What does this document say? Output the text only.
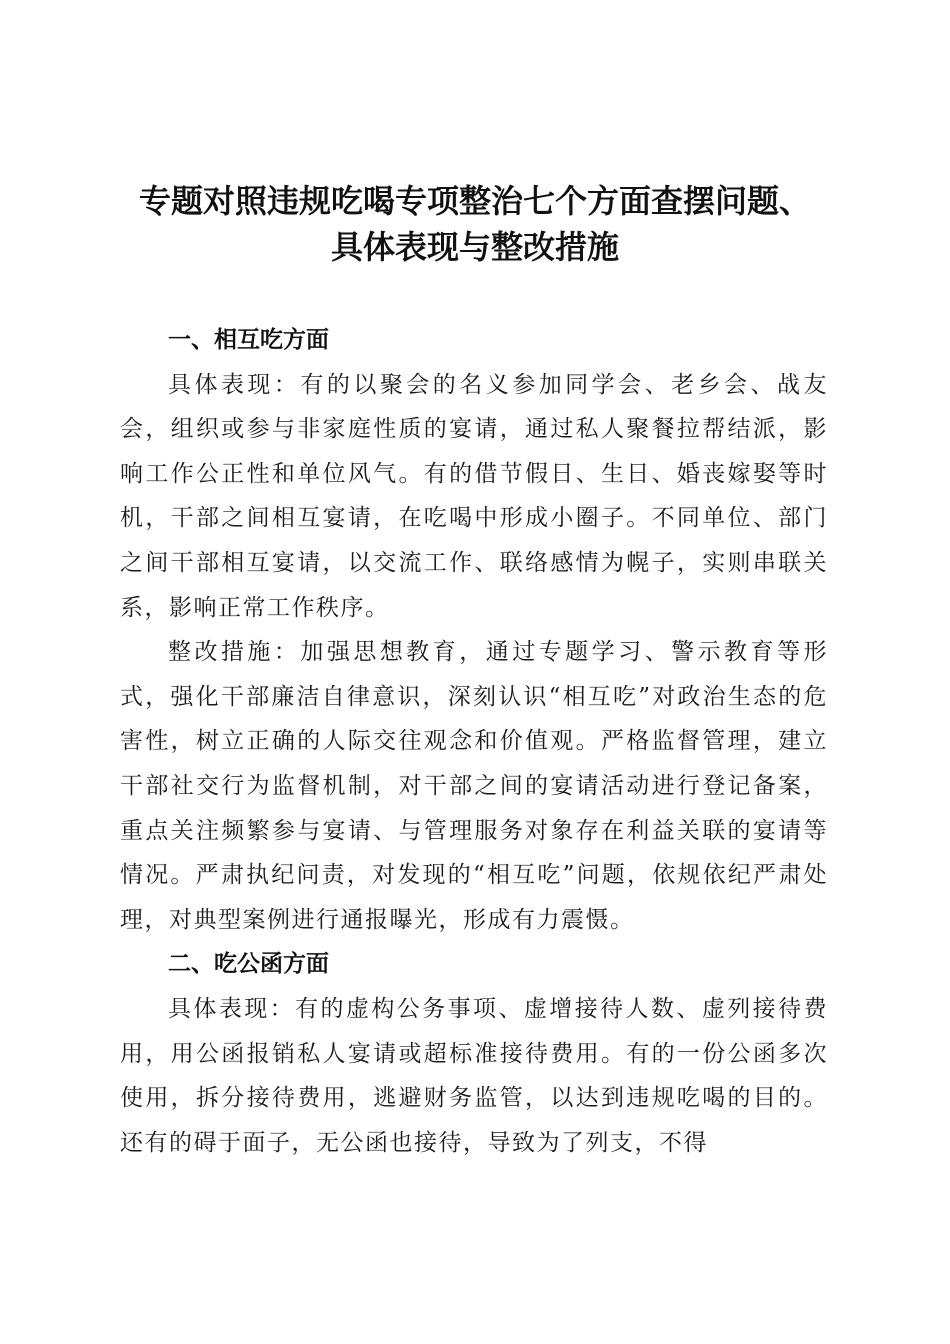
专题对照违规吃喝专项整治七个方面查摆问题、
具体表现与整改措施

一、相互吃方面

具体表现：有的以聚会的名义参加同学会、老乡会、战友会，组织或参与非家庭性质的宴请，通过私人聚餐拉帮结派，影响工作公正性和单位风气。有的借节假日、生日、婚丧嫁娶等时机，干部之间相互宴请，在吃喝中形成小圈子。不同单位、部门之间干部相互宴请，以交流工作、联络感情为幌子，实则串联关系，影响正常工作秩序。

整改措施：加强思想教育，通过专题学习、警示教育等形式，强化干部廉洁自律意识，深刻认识“相互吃”对政治生态的危害性，树立正确的人际交往观念和价值观。严格监督管理，建立干部社交行为监督机制，对干部之间的宴请活动进行登记备案，重点关注频繁参与宴请、与管理服务对象存在利益关联的宴请等情况。严肃执纪问责，对发现的“相互吃”问题，依规依纪严肃处理，对典型案例进行通报曝光，形成有力震慑。

二、吃公函方面

具体表现：有的虚构公务事项、虚增接待人数、虚列接待费用，用公函报销私人宴请或超标准接待费用。有的一份公函多次使用，拆分接待费用，逃避财务监管，以达到违规吃喝的目的。还有的碍于面子，无公函也接待，导致为了列支，不得
